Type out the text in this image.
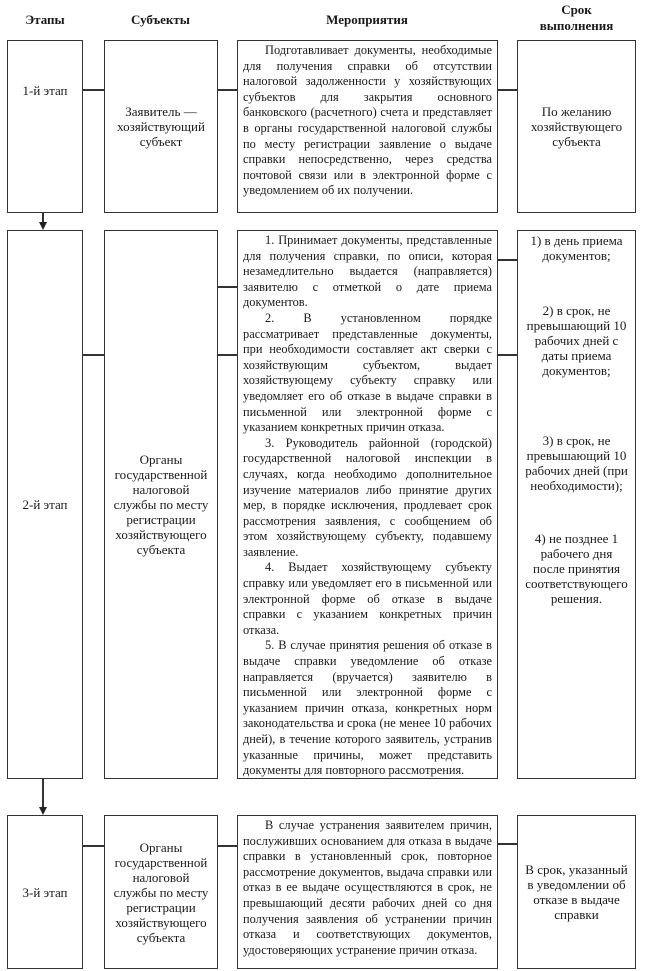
Этапы	Субъекты	Мероприятия
Срок
выполнения
1-й этап
Заявитель — хозяйствующий субъект

Подготавливает документы, необходимые для получения справки об отсутствии налоговой задолженности у хозяйствующих субъектов для закрытия основного банковского (расчетного) счета и представляет в органы государственной налоговой службы по месту регистрации заявление о выдаче справки непосредственно, через средства почтовой связи или в электронной форме с уведомлением об их получении.

По желанию хозяйствующего субъекта
2-й этап
Органы государственной налоговой службы по месту регистрации хозяйствующего субъекта

1. Принимает документы, представленные для получения справки, по описи, которая незамедлительно выдается (направляется) заявителю с отметкой о дате приема документов.

2. В установленном порядке рассматривает представленные документы, при необходимости составляет акт сверки с хозяйствующим субъектом, выдает хозяйствующему субъекту справку или уведомляет его об отказе в выдаче справки в письменной или электронной форме с указанием конкретных причин отказа.

3. Руководитель районной (городской) государственной налоговой инспекции в случаях, когда необходимо дополнительное изучение материалов либо принятие других мер, в порядке исключения, продлевает срок рассмотрения заявления, с сообщением об этом хозяйствующему субъекту, подавшему заявление.

4. Выдает хозяйствующему субъекту справку или уведомляет его в письменной или электронной форме об отказе в выдаче справки с указанием конкретных причин отказа.

5. В случае принятия решения об отказе в выдаче справки уведомление об отказе направляется (вручается) заявителю в письменной или электронной форме с указанием причин отказа, конкретных норм законодательства и срока (не менее 10 рабочих дней), в течение которого заявитель, устранив указанные причины, может представить документы для повторного рассмотрения.

1) в день приема документов;
2) в срок, не превышающий 10 рабочих дней с даты приема документов;
3) в срок, не превышающий 10 рабочих дней (при необходимости);
4) не позднее 1 рабочего дня после принятия соответствующего решения.
3-й этап
Органы государственной налоговой службы по месту регистрации хозяйствующего субъекта

В случае устранения заявителем причин, послуживших основанием для отказа в выдаче справки в установленный срок, повторное рассмотрение документов, выдача справки или отказ в ее выдаче осуществляются в срок, не превышающий десяти рабочих дней со дня получения заявления об устранении причин отказа и соответствующих документов, удостоверяющих устранение причин отказа.

В срок, указанный в уведомлении об отказе в выдаче справки
